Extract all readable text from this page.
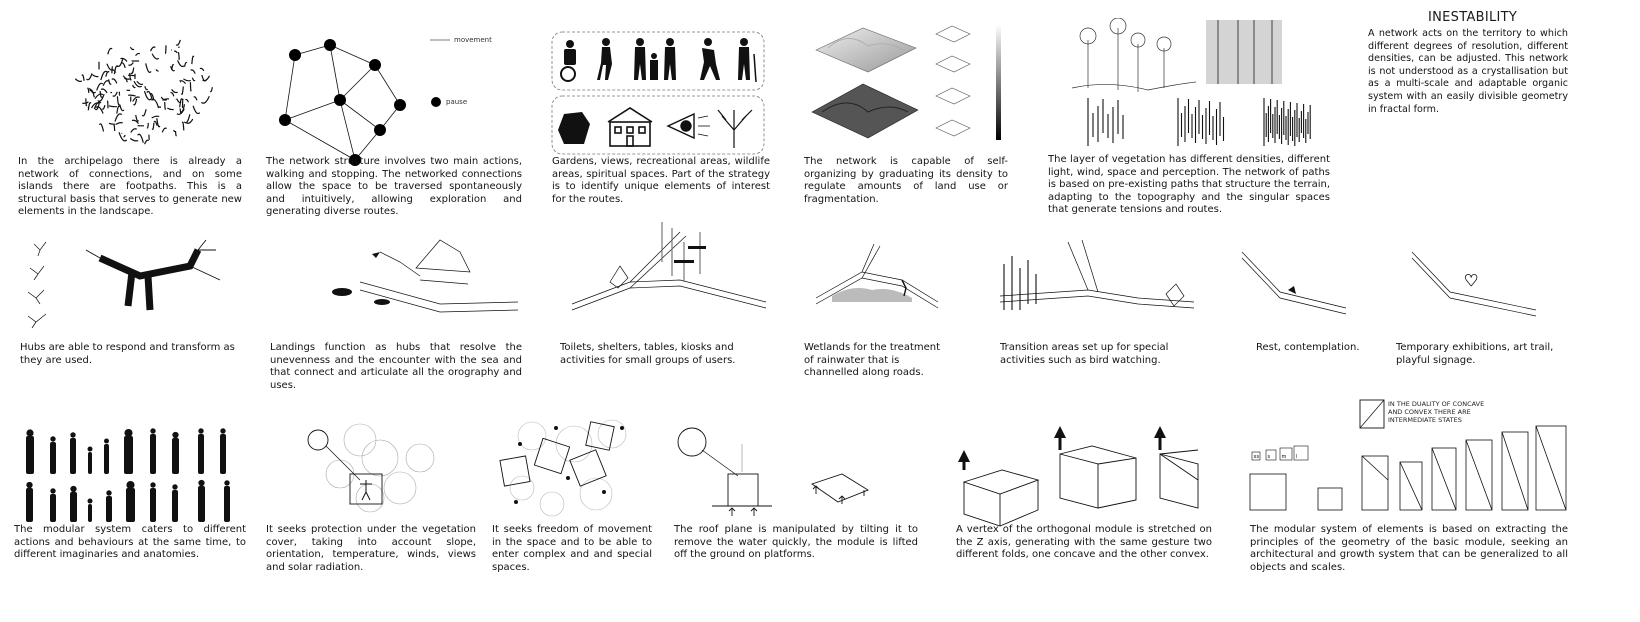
INESTABILITY
A network acts on the territory to which different degrees of resolution, different densities, can be adjusted. This network is not understood as a crystallisation but as a multi-scale and adaptable organic system with an easily divisible geometry in fractal form.
movement
pause
♥
IN THE DUALITY OF CONCAVE AND CONVEX THERE ARE INTERMEDIATE STATES
xs s m l
In the archipelago there is already a network of connections, and on some islands there are footpaths. This is a structural basis that serves to generate new elements in the landscape.
The network structure involves two main actions, walking and stopping. The networked connections allow the space to be traversed spontaneously and intuitively, allowing exploration and generating diverse routes.
Gardens, views, recreational areas, wildlife areas, spiritual spaces. Part of the strategy is to identify unique elements of interest for the routes.
The network is capable of self-organizing by graduating its density to regulate amounts of land use or fragmentation.
The layer of vegetation has different densities, different light, wind, space and perception. The network of paths is based on pre-existing paths that structure the terrain, adapting to the topography and the singular spaces that generate tensions and routes.
Hubs are able to respond and transform as they are used.
Landings function as hubs that resolve the unevenness and the encounter with the sea and that connect and articulate all the orography and uses.
Toilets, shelters, tables, kiosks and activities for small groups of users.
Wetlands for the treatment of rainwater that is channelled along roads.
Transition areas set up for special activities such as bird watching.
Rest, contemplation.	Temporary exhibitions, art trail, playful signage.
The modular system caters to different actions and behaviours at the same time, to different imaginaries and anatomies.
It seeks protection under the vegetation cover, taking into account slope, orientation, temperature, winds, views and solar radiation.
It seeks freedom of movement in the space and to be able to enter complex and and special spaces.
The roof plane is manipulated by tilting it to remove the water quickly, the module is lifted off the ground on platforms.
A vertex of the orthogonal module is stretched on the Z axis, generating with the same gesture two different folds, one concave and the other convex.
The modular system of elements is based on extracting the principles of the geometry of the basic module, seeking an architectural and growth system that can be generalized to all objects and scales.
